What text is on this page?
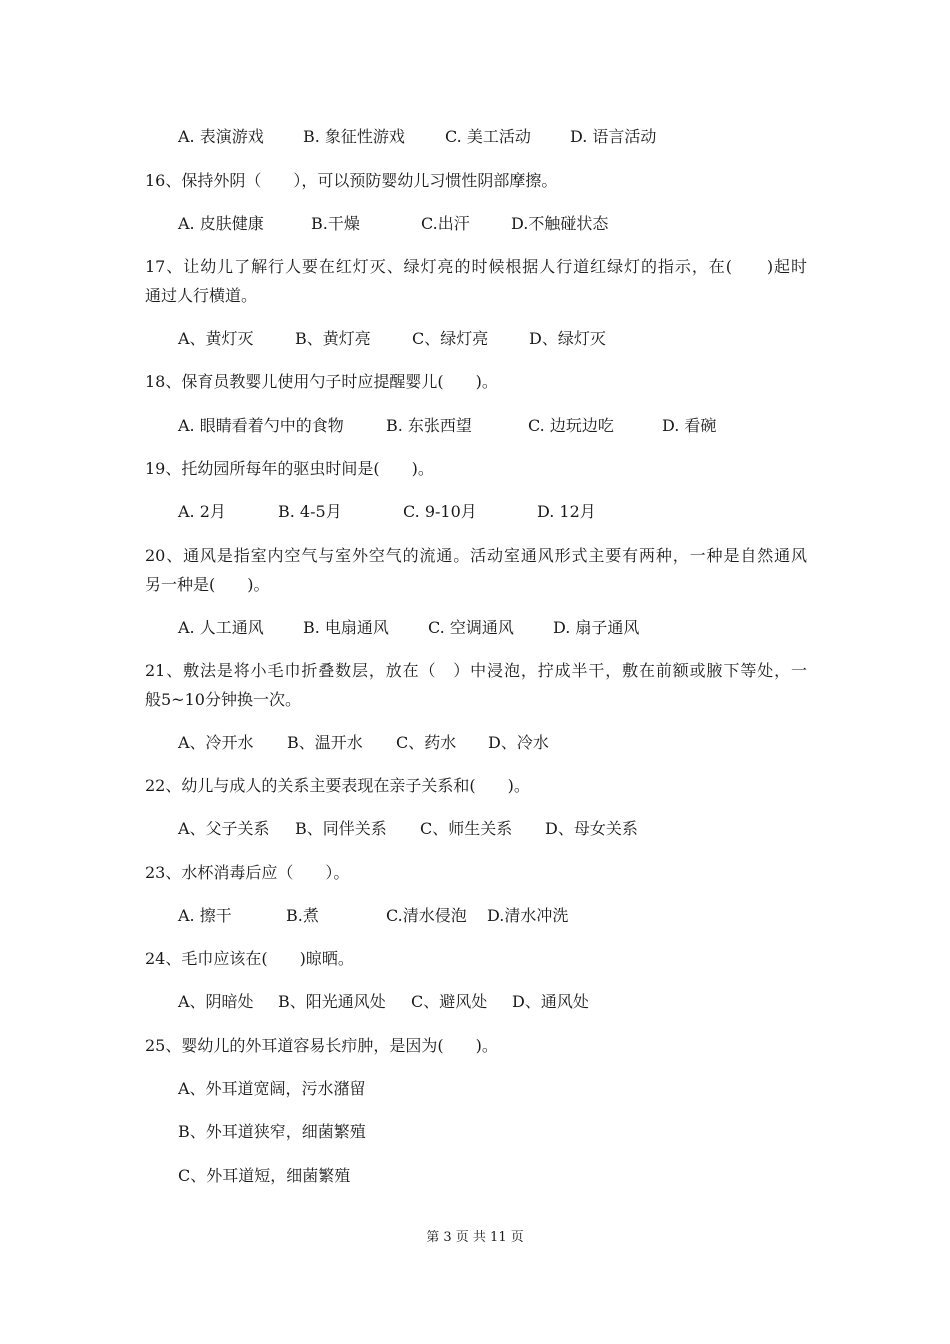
A. 表演游戏 B. 象征性游戏	C. 美工活动 D. 语言活动
16、保持外阴（　　），可以预防婴幼儿习惯性阴部摩擦。
A. 皮肤健康	B.干燥	C.出汗	D.不触碰状态
17、让幼儿了解行人要在红灯灭、绿灯亮的时候根据人行道红绿灯的指示，在(　　)起时
通过人行横道。
A、黄灯灭	B、黄灯亮	C、绿灯亮	D、绿灯灭
18、保育员教婴儿使用勺子时应提醒婴儿(　　)。
A. 眼睛看着勺中的食物	B. 东张西望	C. 边玩边吃	D. 看碗
19、托幼园所每年的驱虫时间是(　　)。
A. 2月	B. 4-5月	C. 9-10月	D. 12月
20、通风是指室内空气与室外空气的流通。活动室通风形式主要有两种，一种是自然通风
另一种是(　　)。
A. 人工通风 B. 电扇通风 C. 空调通风 D. 扇子通风
21、敷法是将小毛巾折叠数层，放在（　）中浸泡，拧成半干，敷在前额或腋下等处，一
般5~10分钟换一次。
A、冷开水 B、温开水 C、药水 D、冷水
22、幼儿与成人的关系主要表现在亲子关系和(　　)。
A、父子关系 B、同伴关系 C、师生关系 D、母女关系
23、水杯消毒后应（　　）。
A. 擦干	B.煮	C.清水侵泡 D.清水冲洗
24、毛巾应该在(　　)晾晒。
A、阴暗处 B、阳光通风处 C、避风处 D、通风处
25、婴幼儿的外耳道容易长疖肿，是因为(　　)。
A、外耳道宽阔，污水潴留
B、外耳道狭窄，细菌繁殖
C、外耳道短，细菌繁殖
第 3 页 共 11 页
